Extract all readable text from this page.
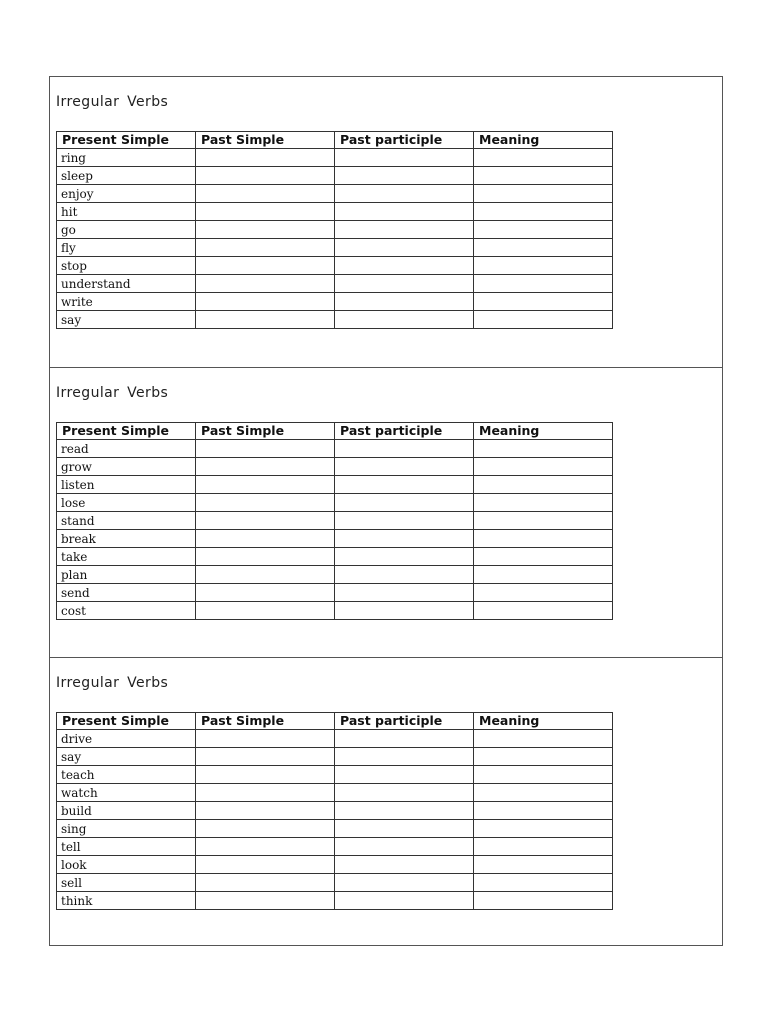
Irregular Verbs
Present Simple	Past Simple	Past participle	Meaning
ring			
sleep			
enjoy			
hit			
go			
fly			
stop			
understand			
write			
say			
Irregular Verbs
Present Simple	Past Simple	Past participle	Meaning
read			
grow			
listen			
lose			
stand			
break			
take			
plan			
send			
cost			
Irregular Verbs
Present Simple	Past Simple	Past participle	Meaning
drive			
say			
teach			
watch			
build			
sing			
tell			
look			
sell			
think			
